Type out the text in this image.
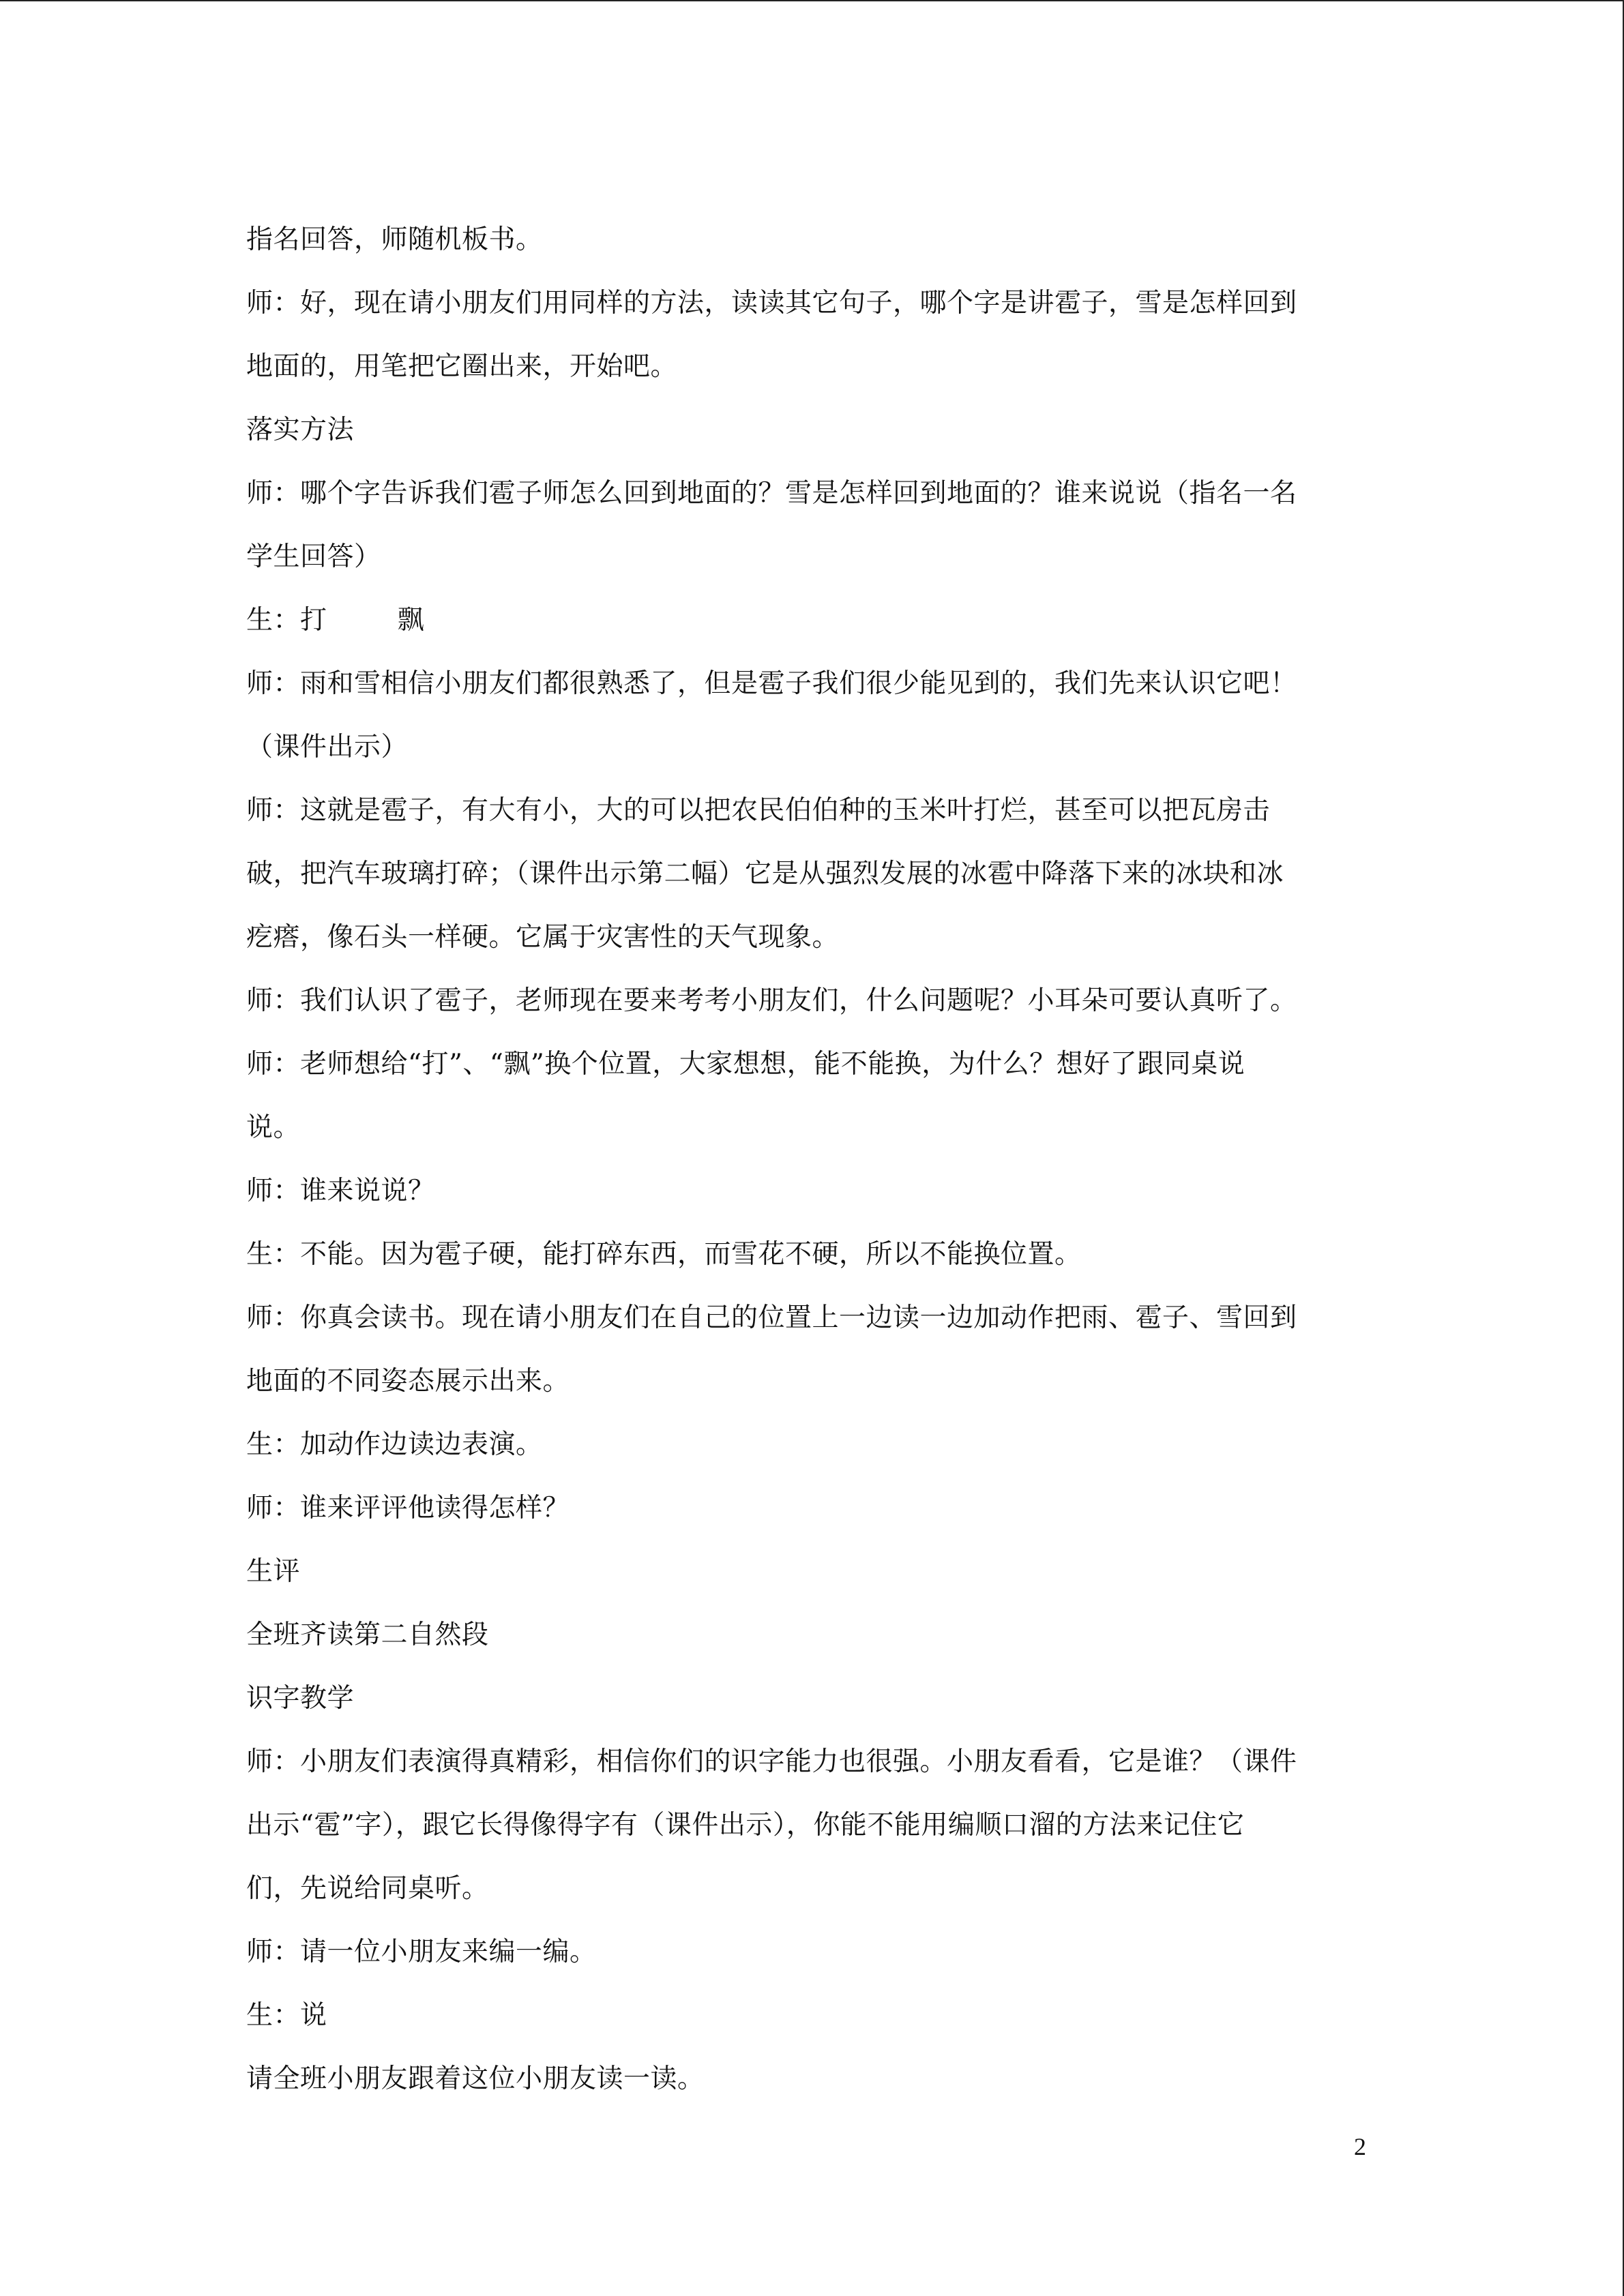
指名回答，师随机板书。
师：好，现在请小朋友们用同样的方法，读读其它句子，哪个字是讲雹子，雪是怎样回到
地面的，用笔把它圈出来，开始吧。
落实方法
师：哪个字告诉我们雹子师怎么回到地面的？雪是怎样回到地面的？谁来说说（指名一名
学生回答）
生：打        飘
师：雨和雪相信小朋友们都很熟悉了，但是雹子我们很少能见到的，我们先来认识它吧！
（课件出示）
师：这就是雹子，有大有小，大的可以把农民伯伯种的玉米叶打烂，甚至可以把瓦房击
破，把汽车玻璃打碎；（课件出示第二幅）它是从强烈发展的冰雹中降落下来的冰块和冰
疙瘩，像石头一样硬。它属于灾害性的天气现象。
师：我们认识了雹子，老师现在要来考考小朋友们，什么问题呢？小耳朵可要认真听了。
师：老师想给“打”、“飘”换个位置，大家想想，能不能换，为什么？想好了跟同桌说
说。
师：谁来说说？
生：不能。因为雹子硬，能打碎东西，而雪花不硬，所以不能换位置。
师：你真会读书。现在请小朋友们在自己的位置上一边读一边加动作把雨、雹子、雪回到
地面的不同姿态展示出来。
生：加动作边读边表演。
师：谁来评评他读得怎样？
生评
全班齐读第二自然段
识字教学
师：小朋友们表演得真精彩，相信你们的识字能力也很强。小朋友看看，它是谁？（课件
出示“雹”字），跟它长得像得字有（课件出示），你能不能用编顺口溜的方法来记住它
们，先说给同桌听。
师：请一位小朋友来编一编。
生：说
请全班小朋友跟着这位小朋友读一读。
2
